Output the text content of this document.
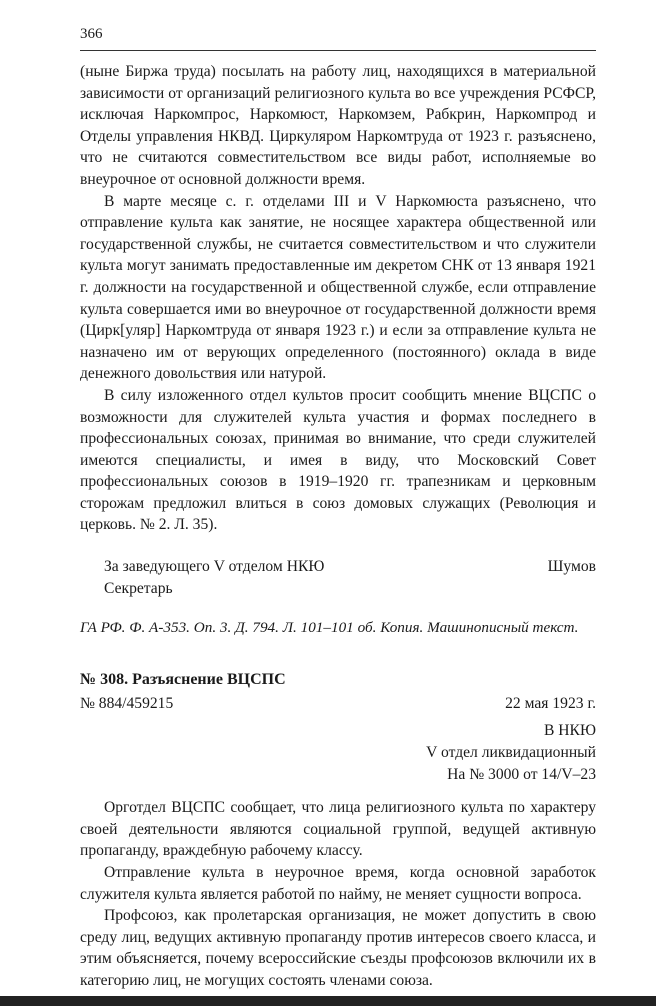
366

(ныне Биржа труда) посылать на работу лиц, находящихся в материальной зависимости от организаций религиозного культа во все учреждения РСФСР, исключая Наркомпрос, Наркомюст, Наркомзем, Рабкрин, Наркомпрод и Отделы управления НКВД. Циркуляром Наркомтруда от 1923 г. разъяснено, что не считаются совместительством все виды работ, исполняемые во внеурочное от основной должности время.

В марте месяце с. г. отделами III и V Наркомюста разъяснено, что отправление культа как занятие, не носящее характера общественной или государственной службы, не считается совместительством и что служители культа могут занимать предоставленные им декретом СНК от 13 января 1921 г. должности на государственной и общественной службе, если отправление культа совершается ими во внеурочное от государственной должности время (Цирк[уляр] Наркомтруда от января 1923 г.) и если за отправление культа не назначено им от верующих определенного (постоянного) оклада в виде денежного довольствия или натурой.

В силу изложенного отдел культов просит сообщить мнение ВЦСПС о возможности для служителей культа участия и формах последнего в профессиональных союзах, принимая во внимание, что среди служителей имеются специалисты, и имея в виду, что Московский Совет профессиональных союзов в 1919–1920 гг. трапезникам и церковным сторожам предложил влиться в союз домовых служащих (Революция и церковь. № 2. Л. 35).

За заведующего V отделом НКЮ	Шумов
Секретарь
ГА РФ. Ф. А-353. Оп. 3. Д. 794. Л. 101–101 об. Копия. Машинописный текст.
№ 308. Разъяснение ВЦСПС
№ 884/459215	22 мая 1923 г.
В НКЮ
V отдел ликвидационный
На № 3000 от 14/V–23

Орготдел ВЦСПС сообщает, что лица религиозного культа по характеру своей деятельности являются социальной группой, ведущей активную пропаганду, враждебную рабочему классу.

Отправление культа в неурочное время, когда основной заработок служителя культа является работой по найму, не меняет сущности вопроса.

Профсоюз, как пролетарская организация, не может допустить в свою среду лиц, ведущих активную пропаганду против интересов своего класса, и этим объясняется, почему всероссийские съезды профсоюзов включили их в категорию лиц, не могущих состоять членами союза.
